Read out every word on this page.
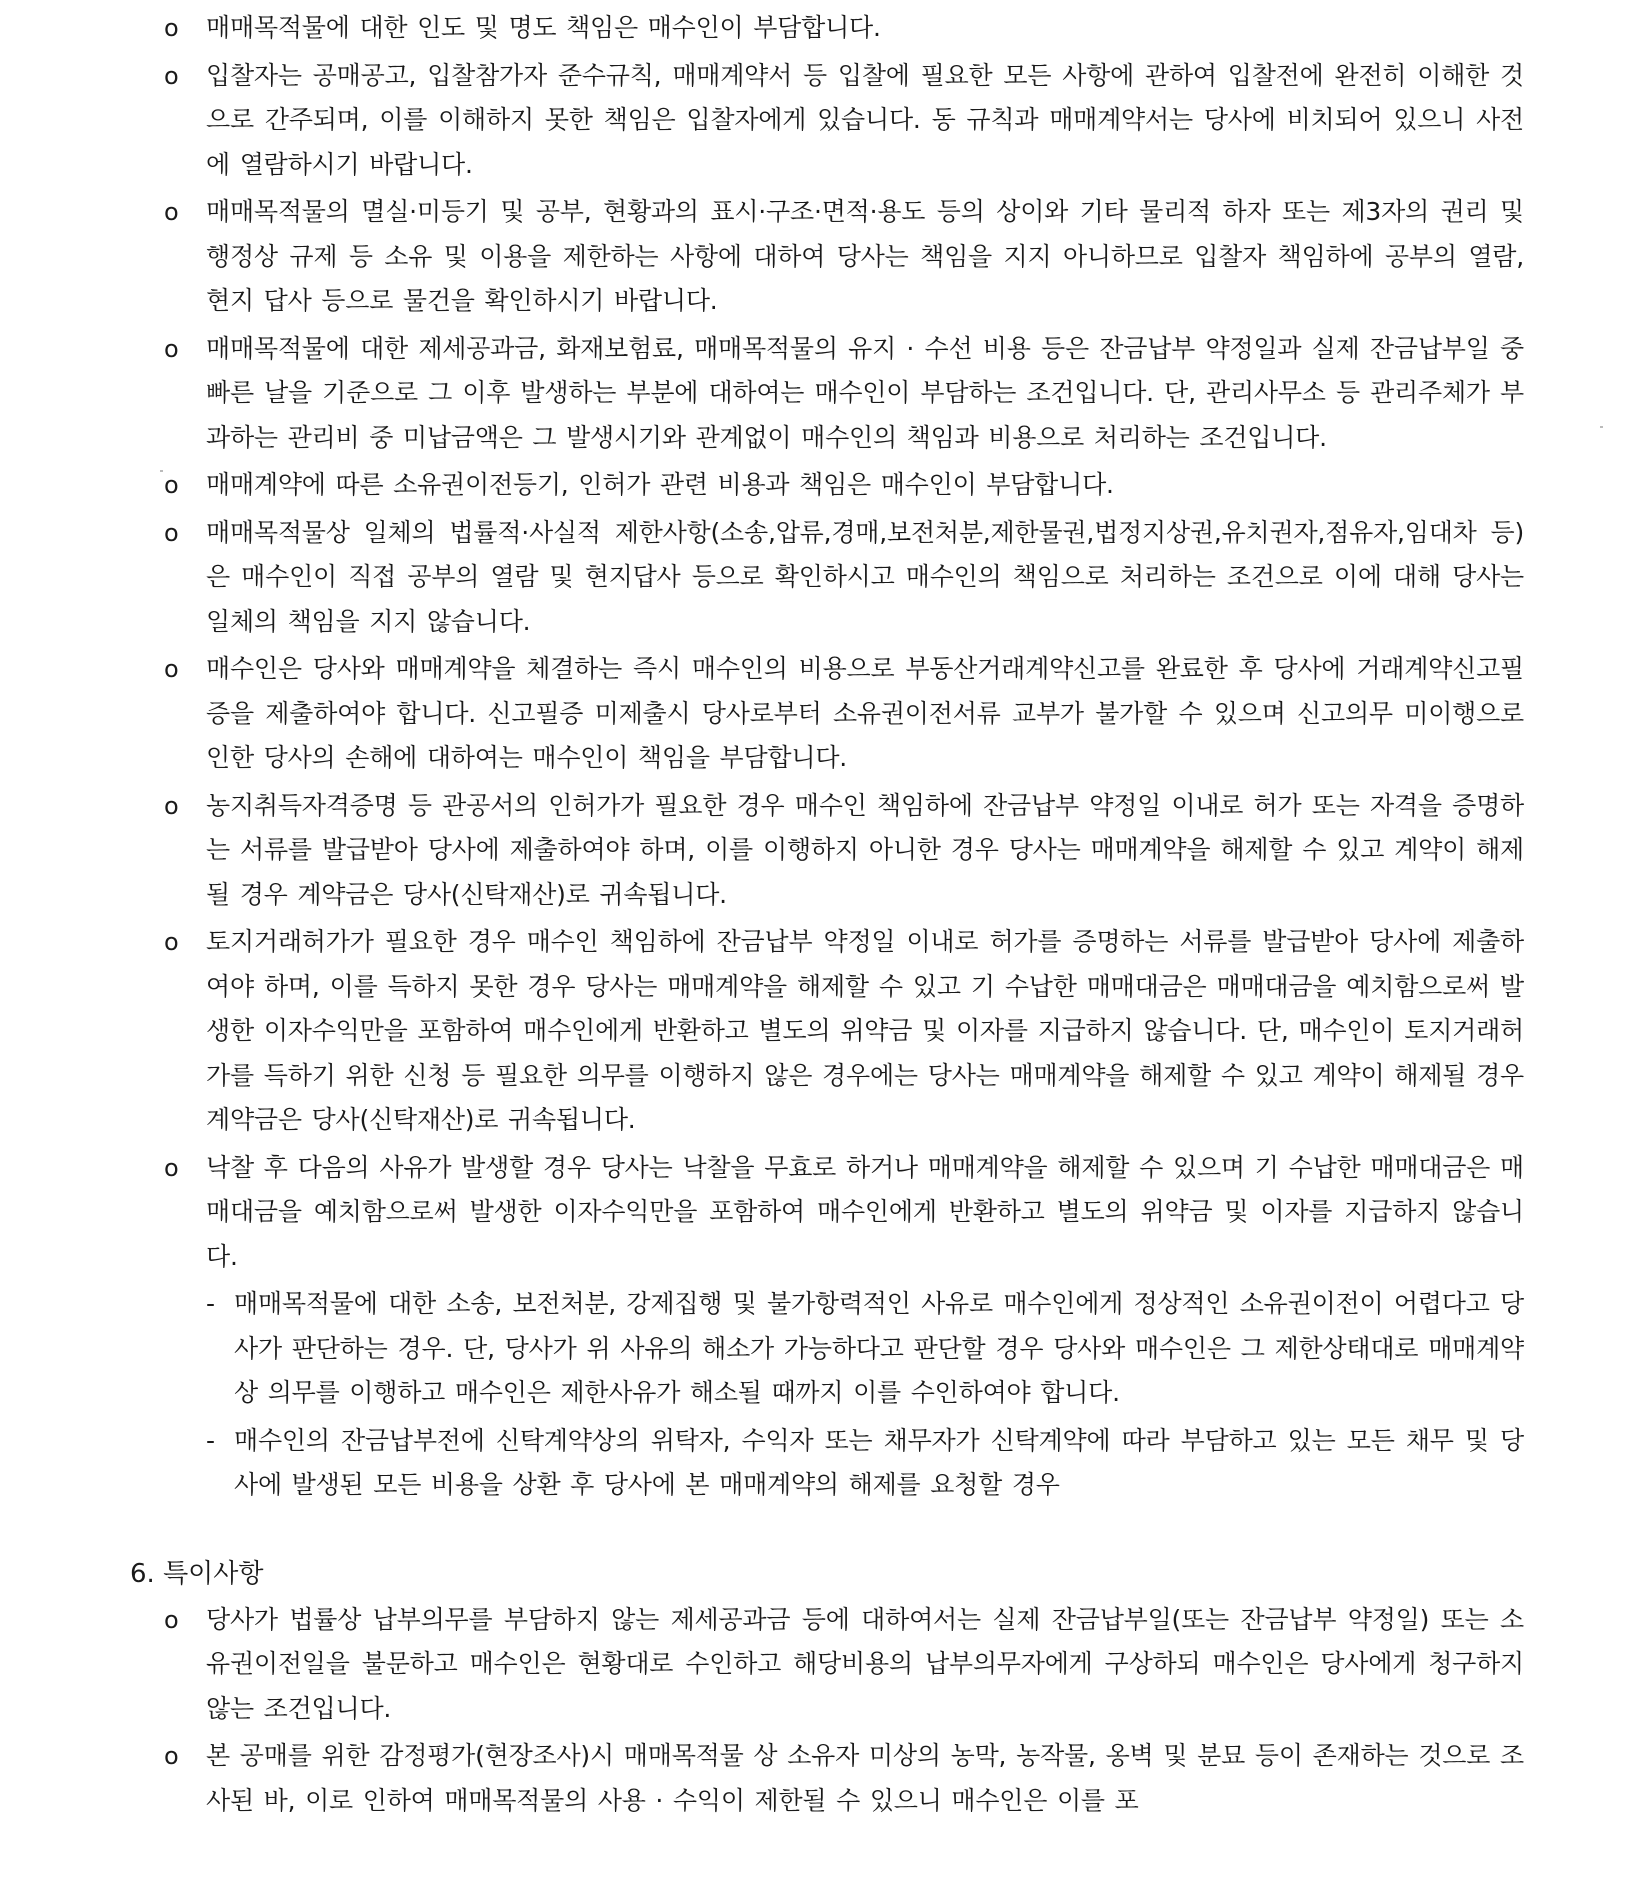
o 매매목적물에 대한 인도 및 명도 책임은 매수인이 부담합니다.
o 입찰자는 공매공고, 입찰참가자 준수규칙, 매매계약서 등 입찰에 필요한 모든 사항에 관하여 입찰전에 완전히 이해한 것으로 간주되며, 이를 이해하지 못한 책임은 입찰자에게 있습니다. 동 규칙과 매매계약서는 당사에 비치되어 있으니 사전에 열람하시기 바랍니다.
o 매매목적물의 멸실·미등기 및 공부, 현황과의 표시·구조·면적·용도 등의 상이와 기타 물리적 하자 또는 제3자의 권리 및 행정상 규제 등 소유 및 이용을 제한하는 사항에 대하여 당사는 책임을 지지 아니하므로 입찰자 책임하에 공부의 열람, 현지 답사 등으로 물건을 확인하시기 바랍니다.
o 매매목적물에 대한 제세공과금, 화재보험료, 매매목적물의 유지 · 수선 비용 등은 잔금납부 약정일과 실제 잔금납부일 중 빠른 날을 기준으로 그 이후 발생하는 부분에 대하여는 매수인이 부담하는 조건입니다. 단, 관리사무소 등 관리주체가 부과하는 관리비 중 미납금액은 그 발생시기와 관계없이 매수인의 책임과 비용으로 처리하는 조건입니다.
o 매매계약에 따른 소유권이전등기, 인허가 관련 비용과 책임은 매수인이 부담합니다.
o 매매목적물상 일체의 법률적·사실적 제한사항(소송,압류,경매,보전처분,제한물권,법정지상권,유치권자,점유자,임대차 등)은 매수인이 직접 공부의 열람 및 현지답사 등으로 확인하시고 매수인의 책임으로 처리하는 조건으로 이에 대해 당사는 일체의 책임을 지지 않습니다.
o 매수인은 당사와 매매계약을 체결하는 즉시 매수인의 비용으로 부동산거래계약신고를 완료한 후 당사에 거래계약신고필증을 제출하여야 합니다. 신고필증 미제출시 당사로부터 소유권이전서류 교부가 불가할 수 있으며 신고의무 미이행으로 인한 당사의 손해에 대하여는 매수인이 책임을 부담합니다.
o 농지취득자격증명 등 관공서의 인허가가 필요한 경우 매수인 책임하에 잔금납부 약정일 이내로 허가 또는 자격을 증명하는 서류를 발급받아 당사에 제출하여야 하며, 이를 이행하지 아니한 경우 당사는 매매계약을 해제할 수 있고 계약이 해제될 경우 계약금은 당사(신탁재산)로 귀속됩니다.
o 토지거래허가가 필요한 경우 매수인 책임하에 잔금납부 약정일 이내로 허가를 증명하는 서류를 발급받아 당사에 제출하여야 하며, 이를 득하지 못한 경우 당사는 매매계약을 해제할 수 있고 기 수납한 매매대금은 매매대금을 예치함으로써 발생한 이자수익만을 포함하여 매수인에게 반환하고 별도의 위약금 및 이자를 지급하지 않습니다. 단, 매수인이 토지거래허가를 득하기 위한 신청 등 필요한 의무를 이행하지 않은 경우에는 당사는 매매계약을 해제할 수 있고 계약이 해제될 경우 계약금은 당사(신탁재산)로 귀속됩니다.
o 낙찰 후 다음의 사유가 발생할 경우 당사는 낙찰을 무효로 하거나 매매계약을 해제할 수 있으며 기 수납한 매매대금은 매매대금을 예치함으로써 발생한 이자수익만을 포함하여 매수인에게 반환하고 별도의 위약금 및 이자를 지급하지 않습니다.
- 매매목적물에 대한 소송, 보전처분, 강제집행 및 불가항력적인 사유로 매수인에게 정상적인 소유권이전이 어렵다고 당사가 판단하는 경우. 단, 당사가 위 사유의 해소가 가능하다고 판단할 경우 당사와 매수인은 그 제한상태대로 매매계약상 의무를 이행하고 매수인은 제한사유가 해소될 때까지 이를 수인하여야 합니다.
- 매수인의 잔금납부전에 신탁계약상의 위탁자, 수익자 또는 채무자가 신탁계약에 따라 부담하고 있는 모든 채무 및 당사에 발생된 모든 비용을 상환 후 당사에 본 매매계약의 해제를 요청할 경우
6. 특이사항
o 당사가 법률상 납부의무를 부담하지 않는 제세공과금 등에 대하여서는 실제 잔금납부일(또는 잔금납부 약정일) 또는 소유권이전일을 불문하고 매수인은 현황대로 수인하고 해당비용의 납부의무자에게 구상하되 매수인은 당사에게 청구하지 않는 조건입니다.
o 본 공매를 위한 감정평가(현장조사)시 매매목적물 상 소유자 미상의 농막, 농작물, 옹벽 및 분묘 등이 존재하는 것으로 조사된 바, 이로 인하여 매매목적물의 사용 · 수익이 제한될 수 있으니 매수인은 이를 포
